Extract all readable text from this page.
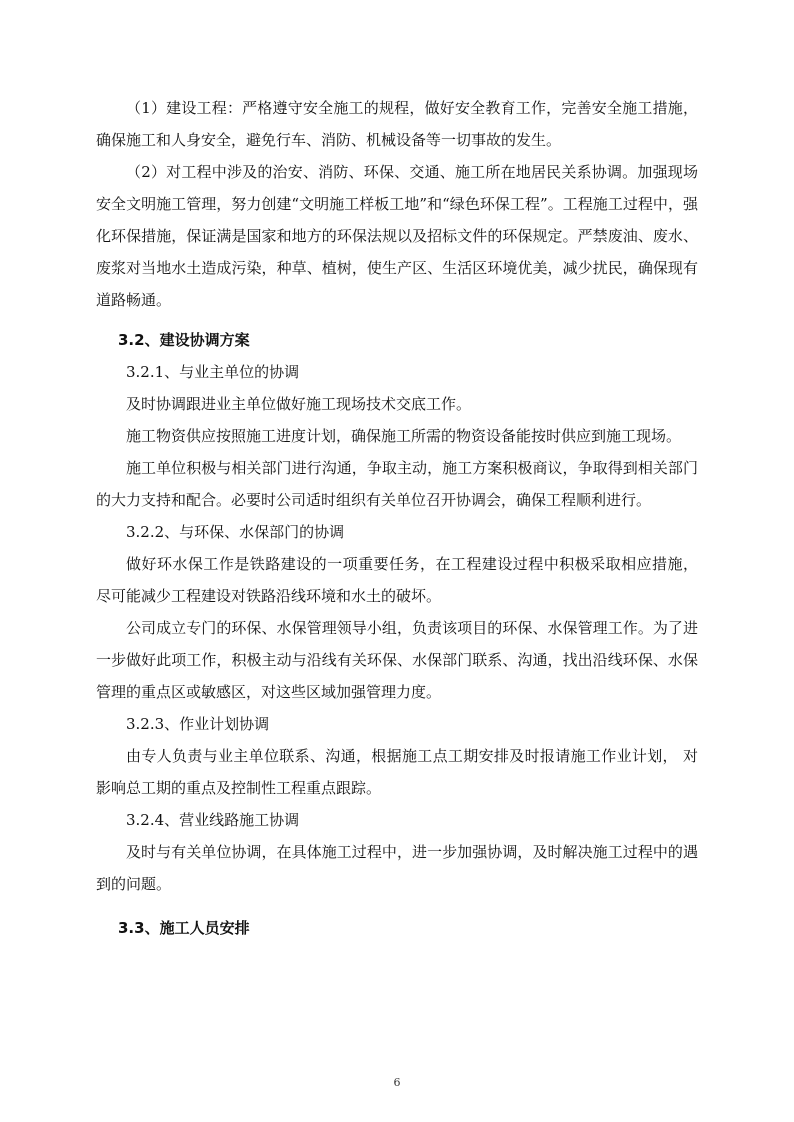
（1）建设工程：严格遵守安全施工的规程，做好安全教育工作，完善安全施工措施， 确保施工和人身安全，避免行车、消防、机械设备等一切事故的发生。

（2）对工程中涉及的治安、消防、环保、交通、施工所在地居民关系协调。加强现场安全文明施工管理，努力创建“文明施工样板工地”和“绿色环保工程”。工程施工过程中，强化环保措施，保证满是国家和地方的环保法规以及招标文件的环保规定。严禁废油、废水、废浆对当地水土造成污染，种草、植树，使生产区、生活区环境优美，减少扰民，确保现有道路畅通。

3.2、建设协调方案

3.2.1、与业主单位的协调

及时协调跟进业主单位做好施工现场技术交底工作。

施工物资供应按照施工进度计划，确保施工所需的物资设备能按时供应到施工现场。

施工单位积极与相关部门进行沟通，争取主动，施工方案积极商议，争取得到相关部门的大力支持和配合。必要时公司适时组织有关单位召开协调会，确保工程顺利进行。

3.2.2、与环保、水保部门的协调

做好环水保工作是铁路建设的一项重要任务，在工程建设过程中积极采取相应措施， 尽可能减少工程建设对铁路沿线环境和水土的破坏。

公司成立专门的环保、水保管理领导小组，负责该项目的环保、水保管理工作。为了进一步做好此项工作，积极主动与沿线有关环保、水保部门联系、沟通，找出沿线环保、水保管理的重点区或敏感区，对这些区域加强管理力度。

3.2.3、作业计划协调

由专人负责与业主单位联系、沟通，根据施工点工期安排及时报请施工作业计划， 对影响总工期的重点及控制性工程重点跟踪。

3.2.4、营业线路施工协调

及时与有关单位协调，在具体施工过程中，进一步加强协调，及时解决施工过程中的遇到的问题。

3.3、施工人员安排

6
